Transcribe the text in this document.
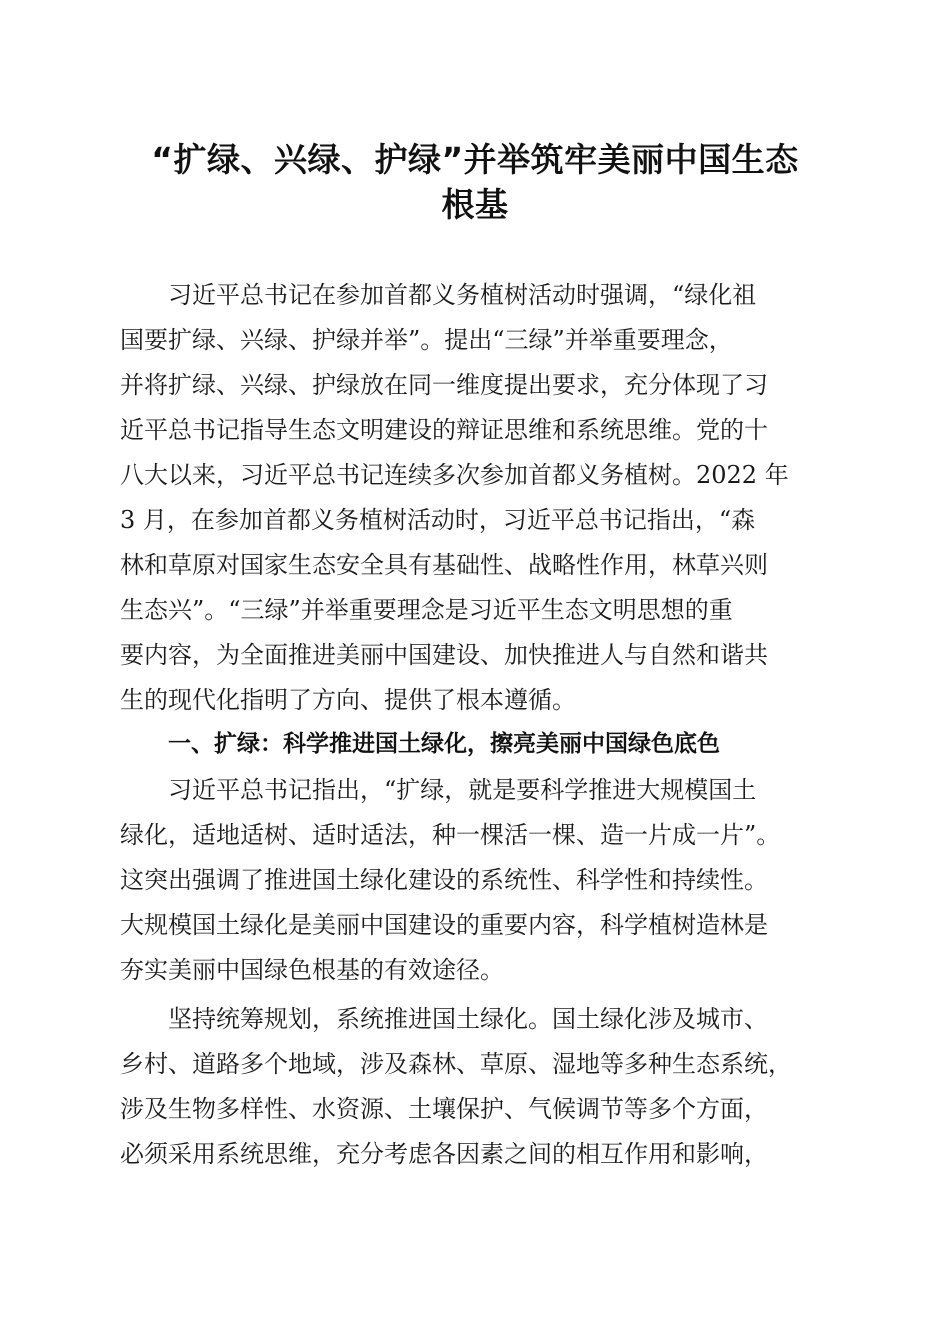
“扩绿、兴绿、护绿”并举筑牢美丽中国生态
根基
习近平总书记在参加首都义务植树活动时强调，“绿化祖
国要扩绿、兴绿、护绿并举”。提出“三绿”并举重要理念，
并将扩绿、兴绿、护绿放在同一维度提出要求，充分体现了习
近平总书记指导生态文明建设的辩证思维和系统思维。党的十
八大以来，习近平总书记连续多次参加首都义务植树。2022 年
3 月，在参加首都义务植树活动时，习近平总书记指出，“森
林和草原对国家生态安全具有基础性、战略性作用，林草兴则
生态兴”。“三绿”并举重要理念是习近平生态文明思想的重
要内容，为全面推进美丽中国建设、加快推进人与自然和谐共
生的现代化指明了方向、提供了根本遵循。
一、扩绿：科学推进国土绿化，擦亮美丽中国绿色底色
习近平总书记指出，“扩绿，就是要科学推进大规模国土
绿化，适地适树、适时适法，种一棵活一棵、造一片成一片”。
这突出强调了推进国土绿化建设的系统性、科学性和持续性。
大规模国土绿化是美丽中国建设的重要内容，科学植树造林是
夯实美丽中国绿色根基的有效途径。
坚持统筹规划，系统推进国土绿化。国土绿化涉及城市、
乡村、道路多个地域，涉及森林、草原、湿地等多种生态系统，
涉及生物多样性、水资源、土壤保护、气候调节等多个方面，
必须采用系统思维，充分考虑各因素之间的相互作用和影响，
